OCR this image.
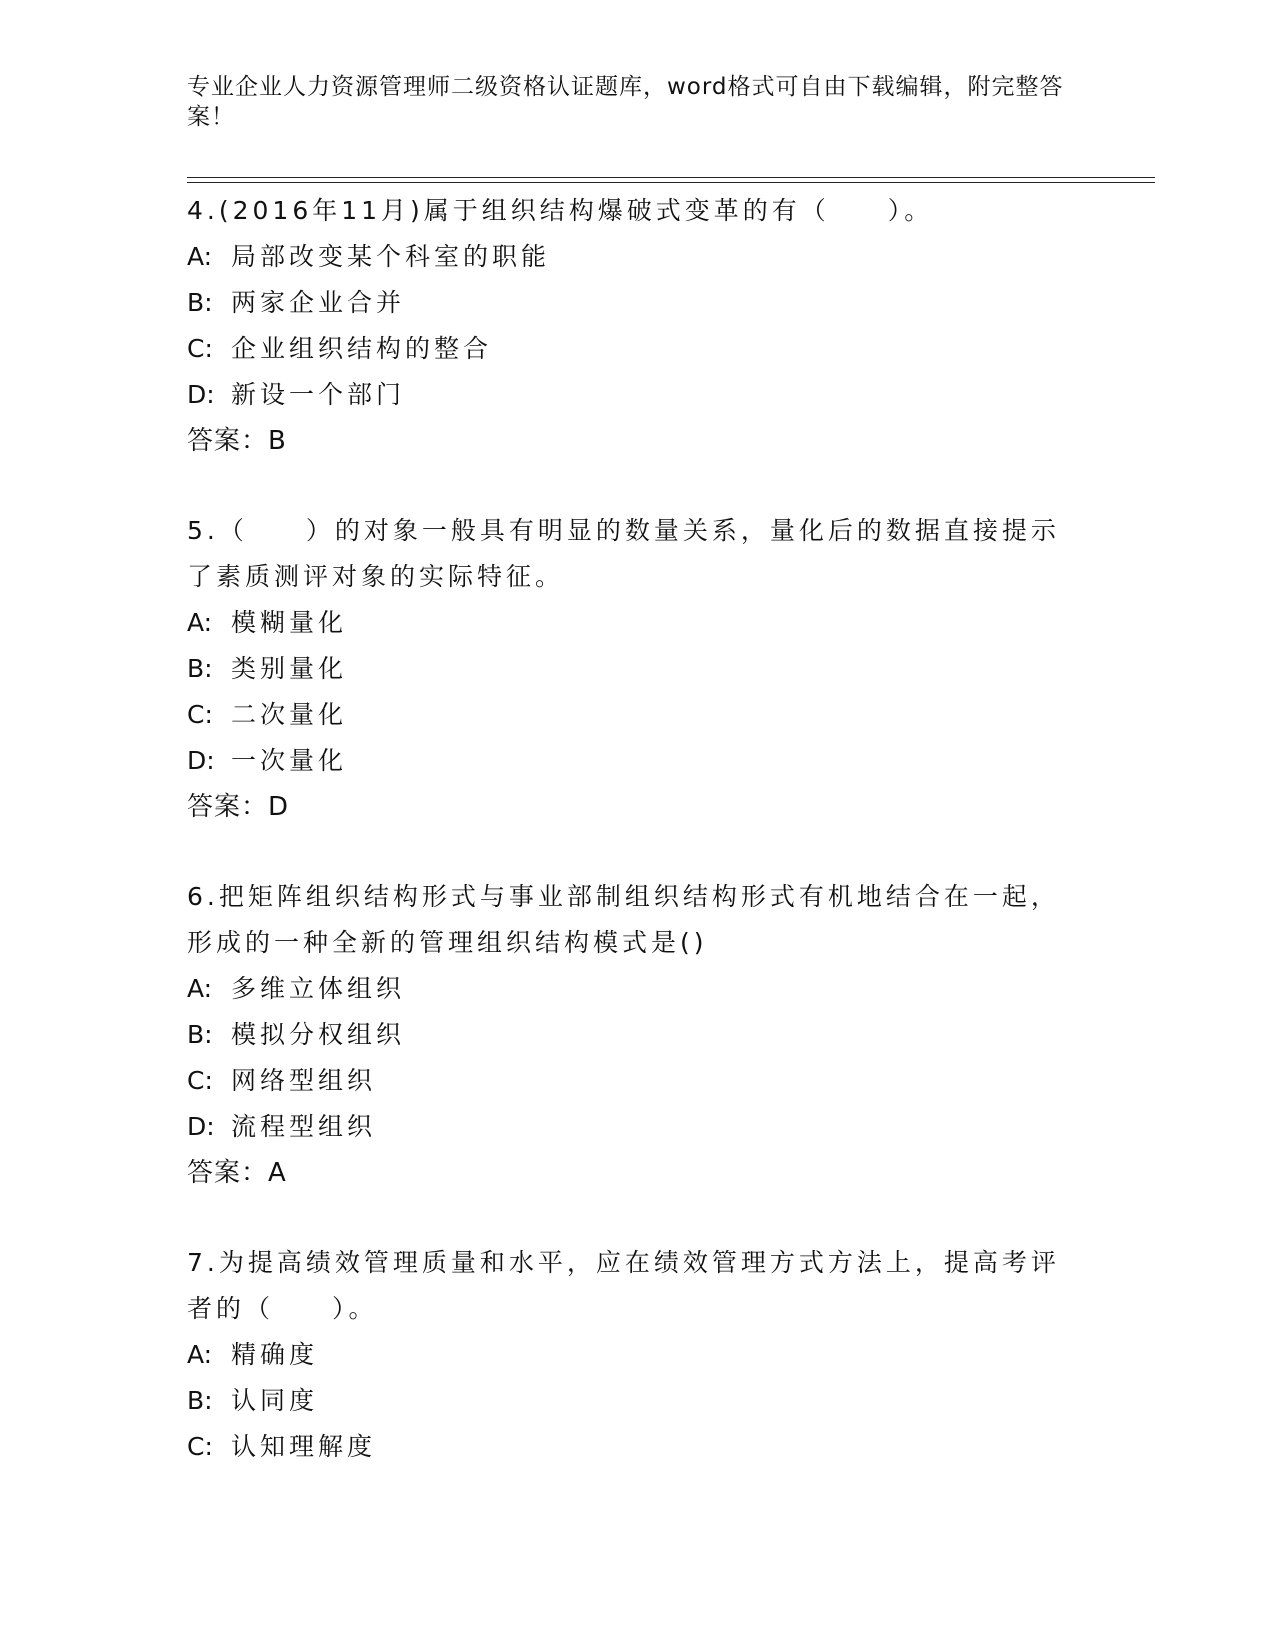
专业企业人力资源管理师二级资格认证题库，word格式可自由下载编辑，附完整答案！
4.(2016年11月)属于组织结构爆破式变革的有（　　）。
A: 局部改变某个科室的职能
B: 两家企业合并
C: 企业组织结构的整合
D: 新设一个部门
答案：B
5.（　　）的对象一般具有明显的数量关系，量化后的数据直接提示了素质测评对象的实际特征。
A: 模糊量化
B: 类别量化
C: 二次量化
D: 一次量化
答案：D
6.把矩阵组织结构形式与事业部制组织结构形式有机地结合在一起，形成的一种全新的管理组织结构模式是()
A: 多维立体组织
B: 模拟分权组织
C: 网络型组织
D: 流程型组织
答案：A
7.为提高绩效管理质量和水平，应在绩效管理方式方法上，提高考评者的（　　）。
A: 精确度
B: 认同度
C: 认知理解度
